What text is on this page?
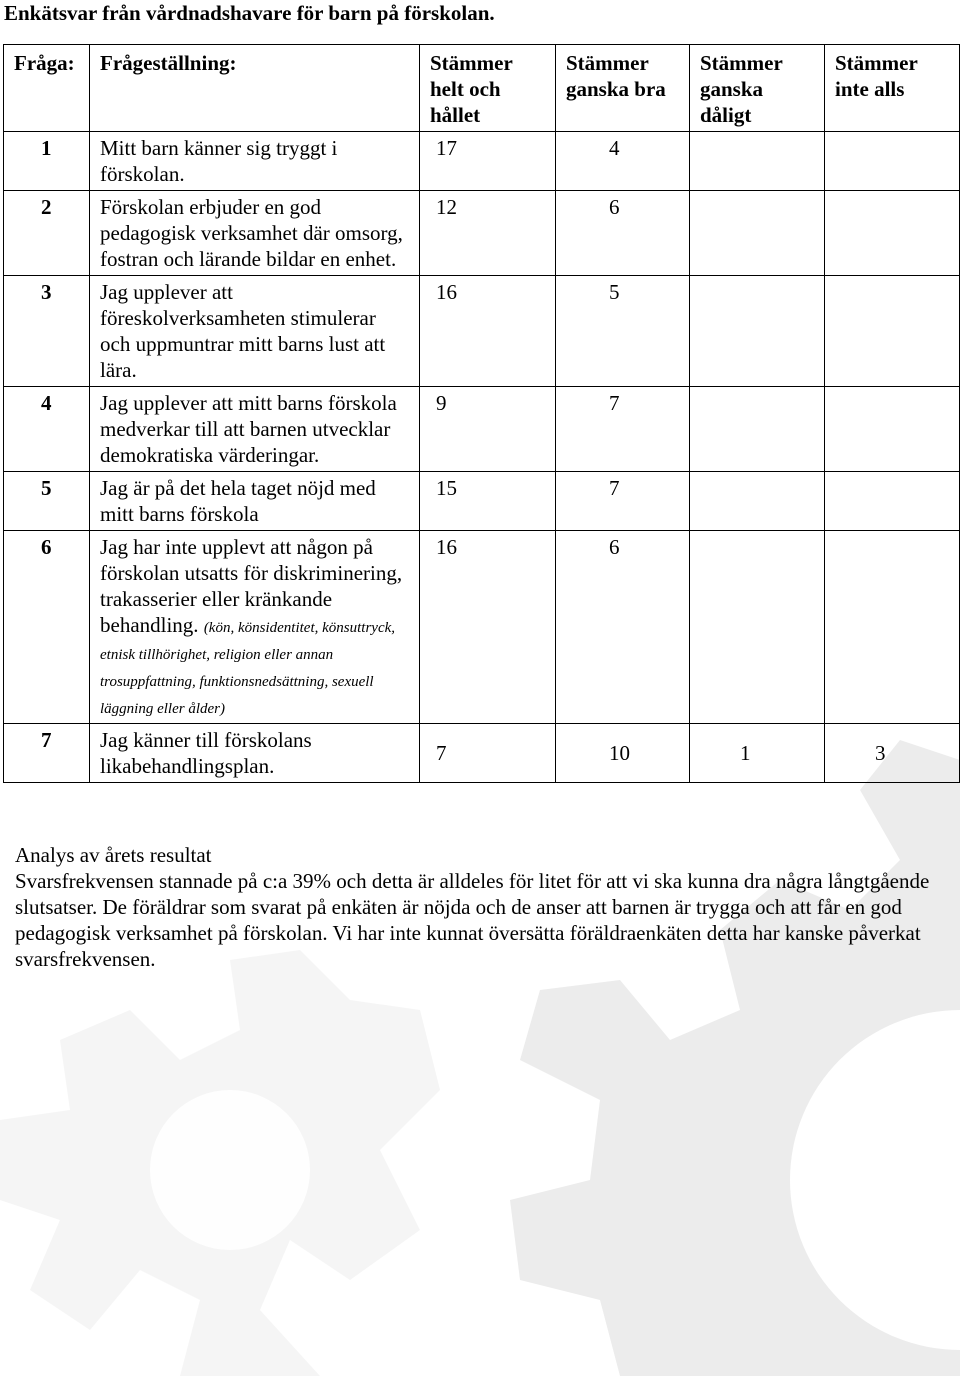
Enkätsvar från vårdnadshavare för barn på förskolan.
Fråga:	Frågeställning:	Stämmer helt och hållet	Stämmer ganska bra	Stämmer ganska dåligt	Stämmer inte alls
1	Mitt barn känner sig tryggt i förskolan.	17	4		
2	Förskolan erbjuder en god pedagogisk verksamhet där omsorg, fostran och lärande bildar en enhet.	12	6		
3	Jag upplever att föreskolverksamheten stimulerar och uppmuntrar mitt barns lust att lära.	16	5		
4	Jag upplever att mitt barns förskola medverkar till att barnen utvecklar demokratiska värderingar.	9	7		
5	Jag är på det hela taget nöjd med mitt barns förskola	15	7		
6	Jag har inte upplevt att någon på förskolan utsatts för diskriminering, trakasserier eller kränkande behandling. (kön, könsidentitet, könsuttryck, etnisk tillhörighet, religion eller annan trosuppfattning, funktionsnedsättning, sexuell läggning eller ålder)	16	6		
7	Jag känner till förskolans likabehandlingsplan.	7	10	1	3

Analys av årets resultat

Svarsfrekvensen stannade på c:a 39% och detta är alldeles för litet för att vi ska kunna dra några långtgående slutsatser. De föräldrar som svarat på enkäten är nöjda och de anser att barnen är trygga och att får en god pedagogisk verksamhet på förskolan. Vi har inte kunnat översätta föräldraenkäten detta har kanske påverkat svarsfrekvensen.
